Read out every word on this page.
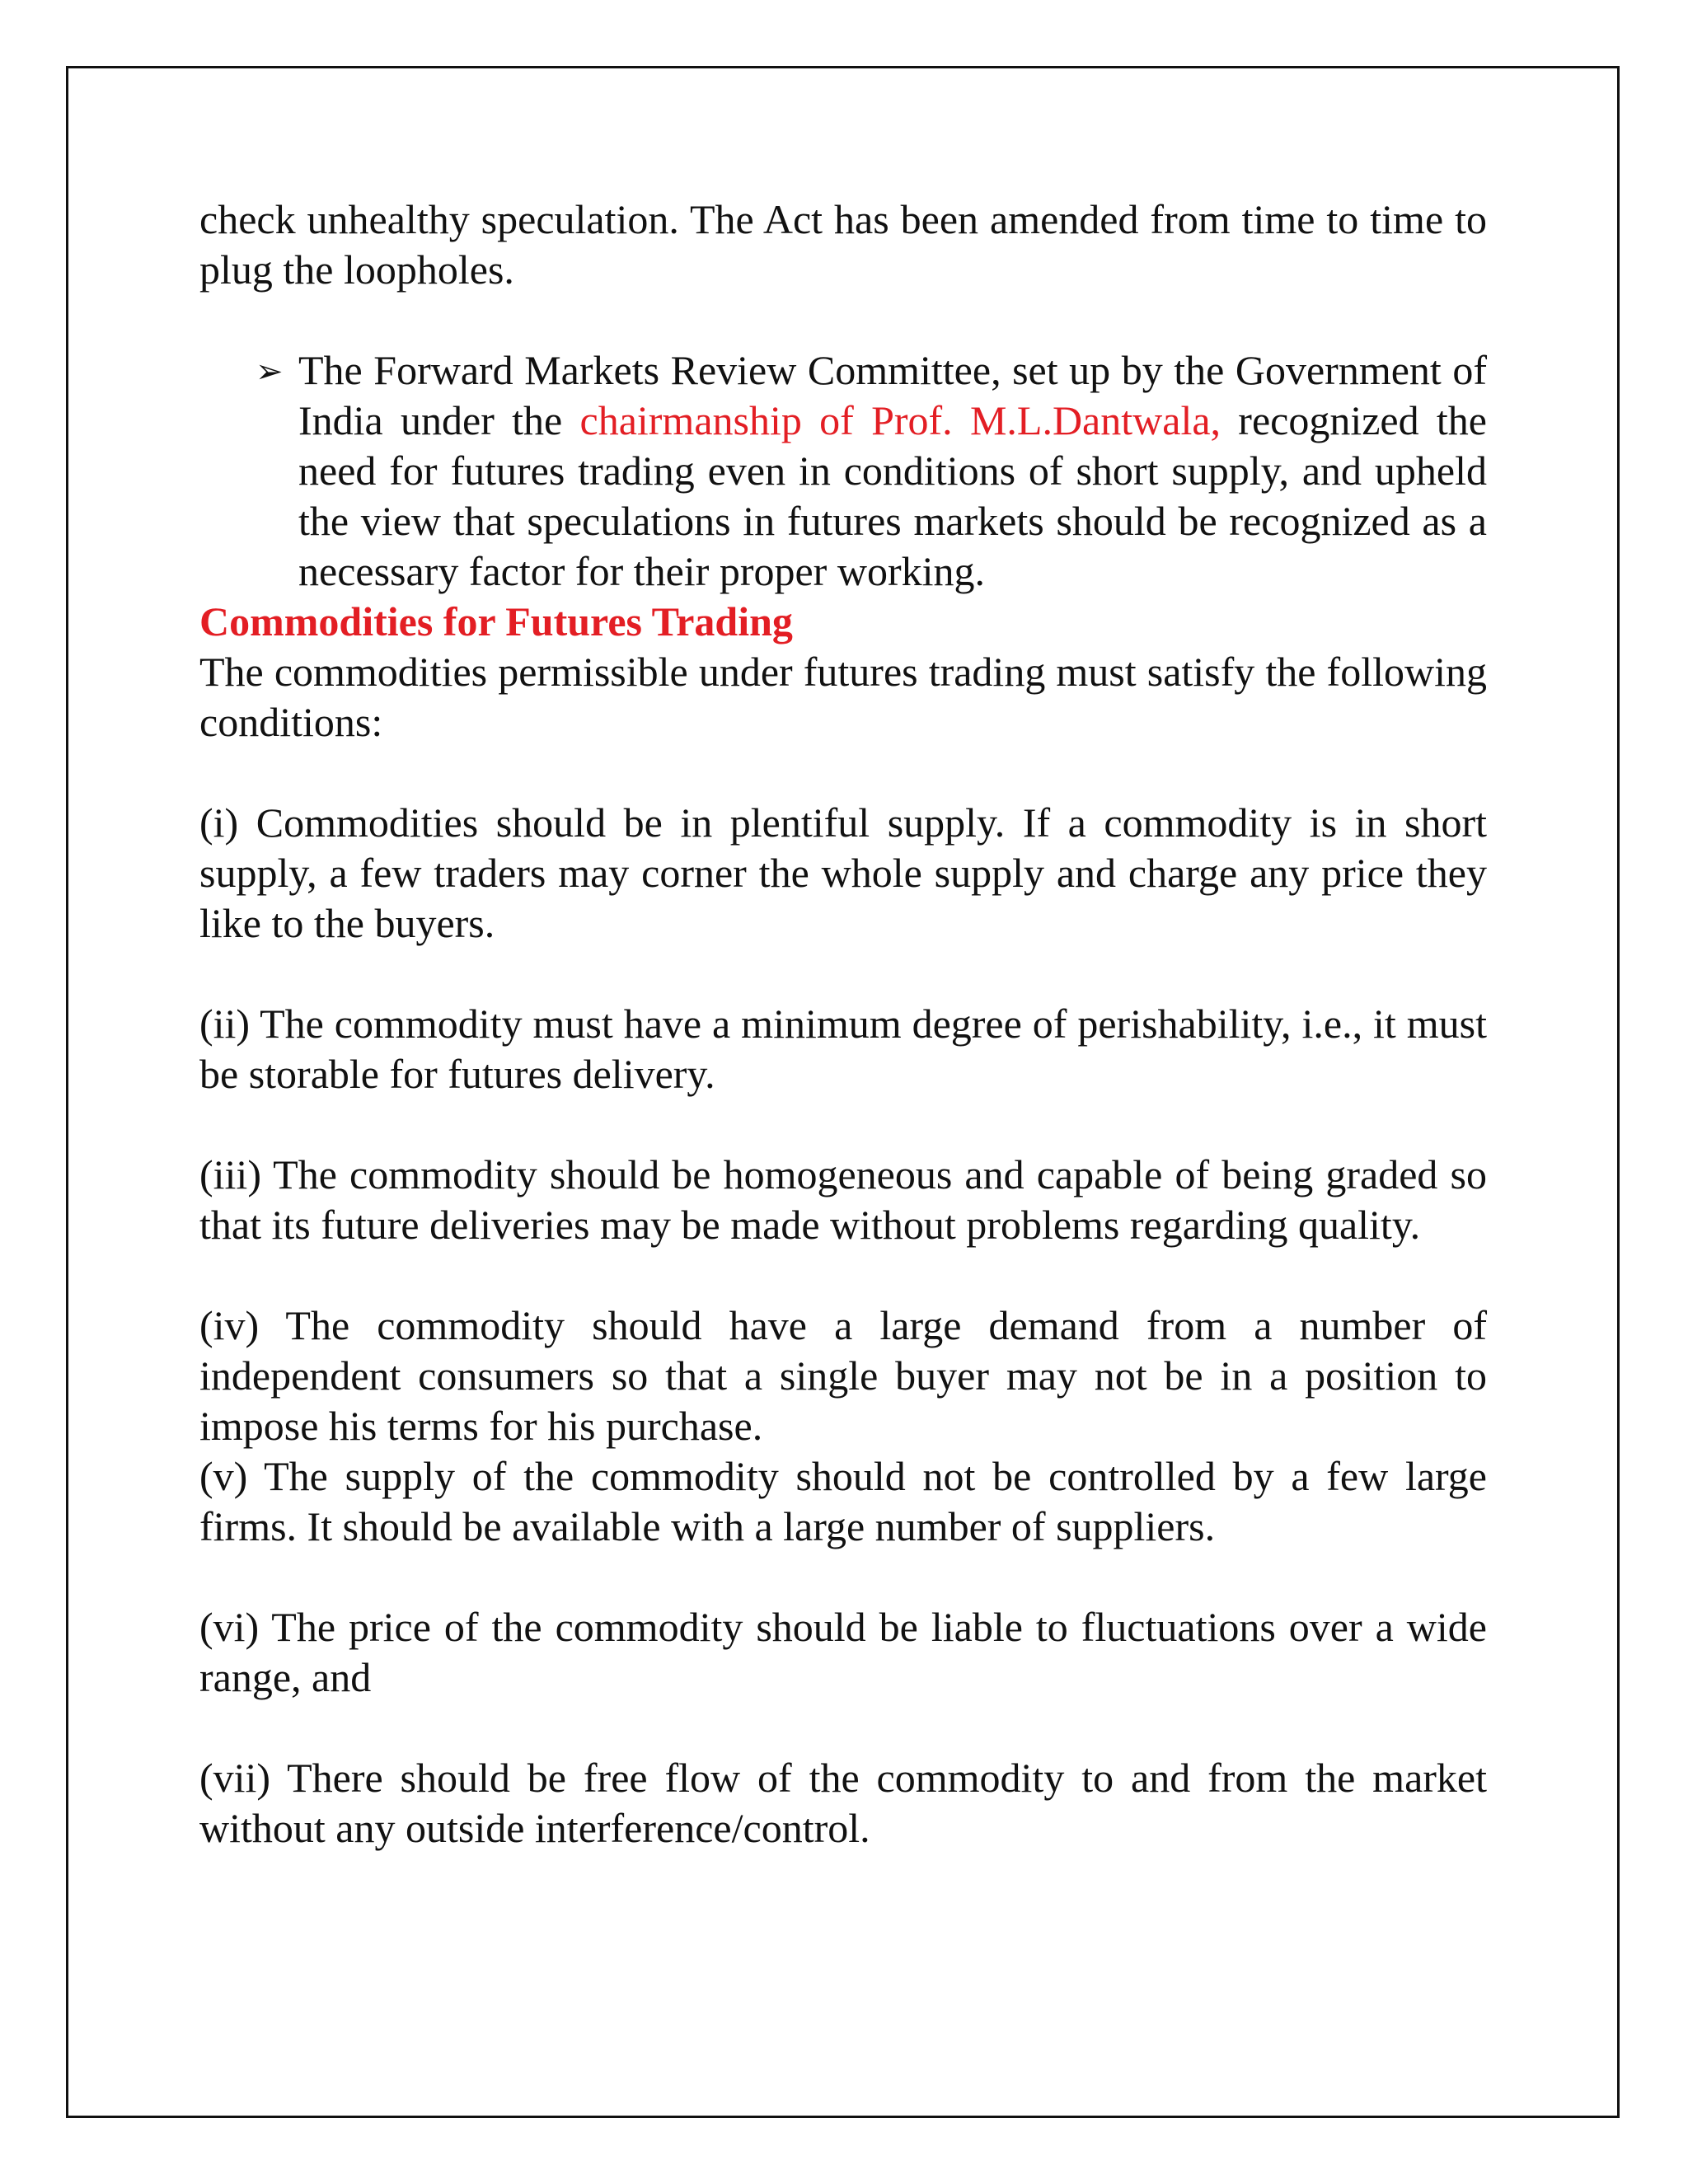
check unhealthy speculation. The Act has been amended from time to time to plug the loopholes.

➢ The Forward Markets Review Committee, set up by the Government of India under the chairmanship of Prof. M.L.Dantwala, recognized the need for futures trading even in conditions of short supply, and upheld the view that speculations in futures markets should be recognized as a necessary factor for their proper working.

Commodities for Futures Trading

The commodities permissible under futures trading must satisfy the following conditions:

(i) Commodities should be in plentiful supply. If a commodity is in short supply, a few traders may corner the whole supply and charge any price they like to the buyers.

(ii) The commodity must have a minimum degree of perishability, i.e., it must be storable for futures delivery.

(iii) The commodity should be homogeneous and capable of being graded so that its future deliveries may be made without problems regarding quality.

(iv) The commodity should have a large demand from a number of independent consumers so that a single buyer may not be in a position to impose his terms for his purchase.

(v) The supply of the commodity should not be controlled by a few large firms. It should be available with a large number of suppliers.

(vi) The price of the commodity should be liable to fluctuations over a wide range, and

(vii) There should be free flow of the commodity to and from the market without any outside interference/control.
